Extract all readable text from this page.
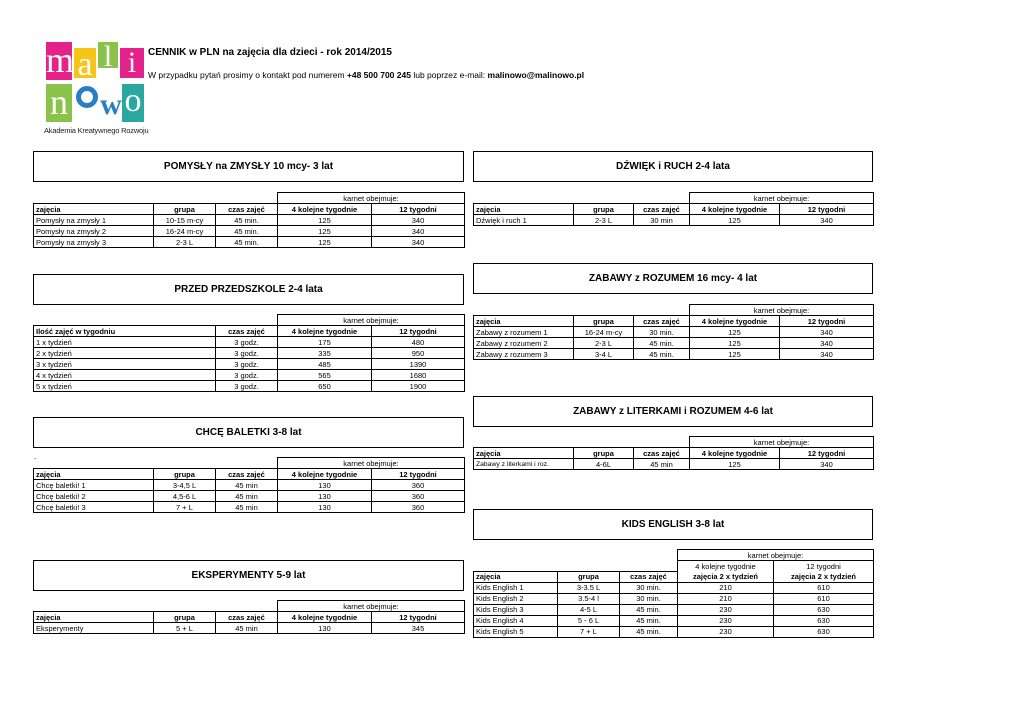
m a l i
n w o
Akademia Kreatywnego Rozwoju
CENNIK w PLN na zajęcia dla dzieci - rok 2014/2015
W przypadku pytań prosimy o kontakt pod numerem +48 500 700 245 lub poprzez e-mail: malinowo@malinowo.pl
POMYSŁY na ZMYSŁY 10 mcy- 3 lat
			karnet obejmuje:	
zajęcia	grupa	czas zajęć	4 kolejne tygodnie	12 tygodni
Pomysły na zmysły 1	10-15 m-cy	45 min.	125	340
Pomysły na zmysły 2	16-24 m-cy	45 min.	125	340
Pomysły na zmysły 3	2-3 L	45 min.	125	340
PRZED PRZEDSZKOLE 2-4 lata
		karnet obejmuje:	
Ilość zajęć w tygodniu	czas zajęć	4 kolejne tygodnie	12 tygodni
1 x tydzień	3 godz.	175	480
2 x tydzień	3 godz.	335	950
3 x tydzień	3 godz.	485	1390
4 x tydzień	3 godz.	565	1680
5 x tydzień	3 godz.	650	1900
CHCĘ BALETKI 3-8 lat
.
			karnet obejmuje:	
zajęcia	grupa	czas zajęć	4 kolejne tygodnie	12 tygodni
Chcę baletki! 1	3-4,5 L	45 min	130	360
Chcę baletki! 2	4,5-6 L	45 min	130	360
Chcę baletki! 3	7 + L	45 min	130	360
EKSPERYMENTY 5-9 lat
			karnet obejmuje:	
zajęcia	grupa	czas zajęć	4 kolejne tygodnie	12 tygodni
Eksperymenty	5 + L	45 min	130	345
DŹWIĘK i RUCH 2-4 lata
			karnet obejmuje:	
zajęcia	grupa	czas zajęć	4 kolejne tygodnie	12 tygodni
Dźwięk i ruch 1	2-3 L	30 min	125	340
ZABAWY z ROZUMEM 16 mcy- 4 lat
			karnet obejmuje:	
zajęcia	grupa	czas zajęć	4 kolejne tygodnie	12 tygodni
Zabawy z rozumem 1	16-24 m-cy	30 min.	125	340
Zabawy z rozumem 2	2-3 L	45 min.	125	340
Zabawy z rozumem 3	3-4 L	45 min.	125	340
ZABAWY z LITERKAMI i ROZUMEM 4-6 lat
			karnet obejmuje:	
zajęcia	grupa	czas zajęć	4 kolejne tygodnie	12 tygodni
Zabawy z literkami i roz.	4-6L	45 min	125	340
KIDS ENGLISH 3-8 lat
			karnet obejmuje:	
			4 kolejne tygodnie	12 tygodni
zajęcia	grupa	czas zajęć	zajęcia 2 x tydzień	zajęcia 2 x tydzień
Kids English 1	3-3.5 L	30 min.	210	610
Kids English 2	3.5-4 l	30 min.	210	610
Kids English 3	4-5 L	45 min.	230	630
Kids English 4	5 - 6 L	45 min.	230	630
Kids English 5	7 + L	45 min.	230	630
